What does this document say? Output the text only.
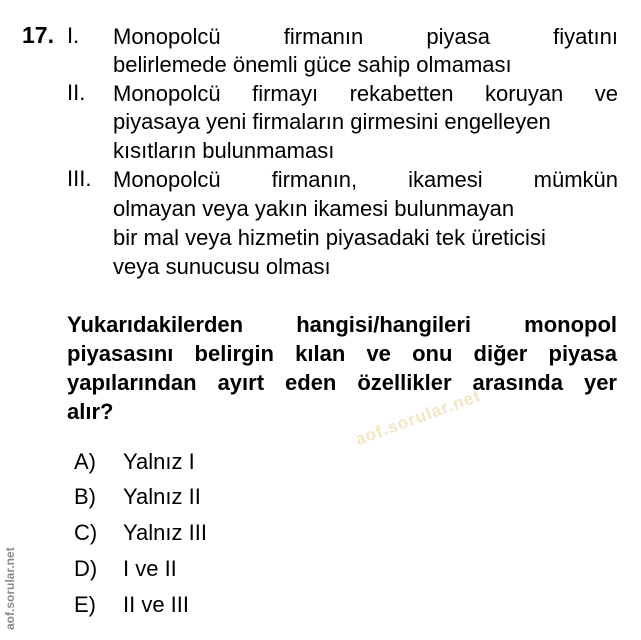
17. I. Monopolcü firmanın piyasa fiyatını
belirlemede önemli güce sahip olmaması
II. Monopolcü firmayı rekabetten koruyan ve
piyasaya yeni firmaların girmesini engelleyen
kısıtların bulunmaması
III. Monopolcü firmanın, ikamesi mümkün
olmayan veya yakın ikamesi bulunmayan
bir mal veya hizmetin piyasadaki tek üreticisi
veya sunucusu olması
Yukarıdakilerden hangisi/hangileri monopol
piyasasını belirgin kılan ve onu diğer piyasa
yapılarından ayırt eden özellikler arasında yer
alır?	aof.sorular.net
A) Yalnız I
B) Yalnız II
C) Yalnız III
D) I ve II
E) II ve III
aof.sorular.net
